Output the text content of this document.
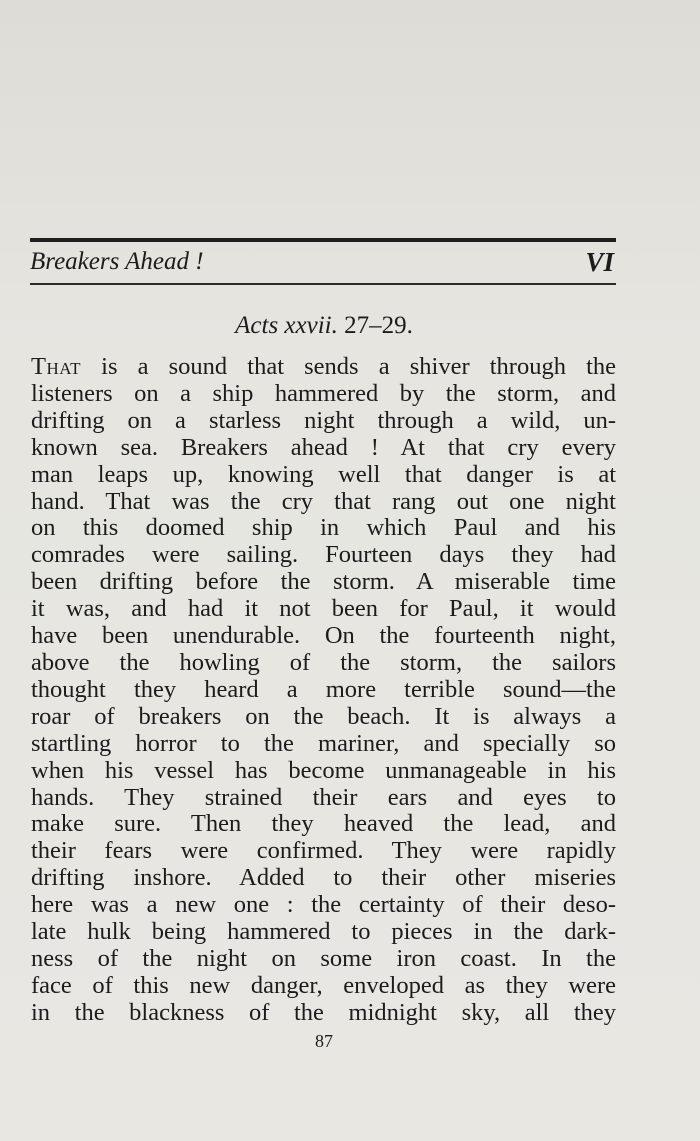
Breakers Ahead !	VI
Acts xxvii. 27–29.
That is a sound that sends a shiver through the
listeners on a ship hammered by the storm, and
drifting on a starless night through a wild, un-
known sea. Breakers ahead ! At that cry every
man leaps up, knowing well that danger is at
hand. That was the cry that rang out one night
on this doomed ship in which Paul and his
comrades were sailing. Fourteen days they had
been drifting before the storm. A miserable time
it was, and had it not been for Paul, it would
have been unendurable. On the fourteenth night,
above the howling of the storm, the sailors
thought they heard a more terrible sound—the
roar of breakers on the beach. It is always a
startling horror to the mariner, and specially so
when his vessel has become unmanageable in his
hands. They strained their ears and eyes to
make sure. Then they heaved the lead, and
their fears were confirmed. They were rapidly
drifting inshore. Added to their other miseries
here was a new one : the certainty of their deso-
late hulk being hammered to pieces in the dark-
ness of the night on some iron coast. In the
face of this new danger, enveloped as they were
in the blackness of the midnight sky, all they
87
